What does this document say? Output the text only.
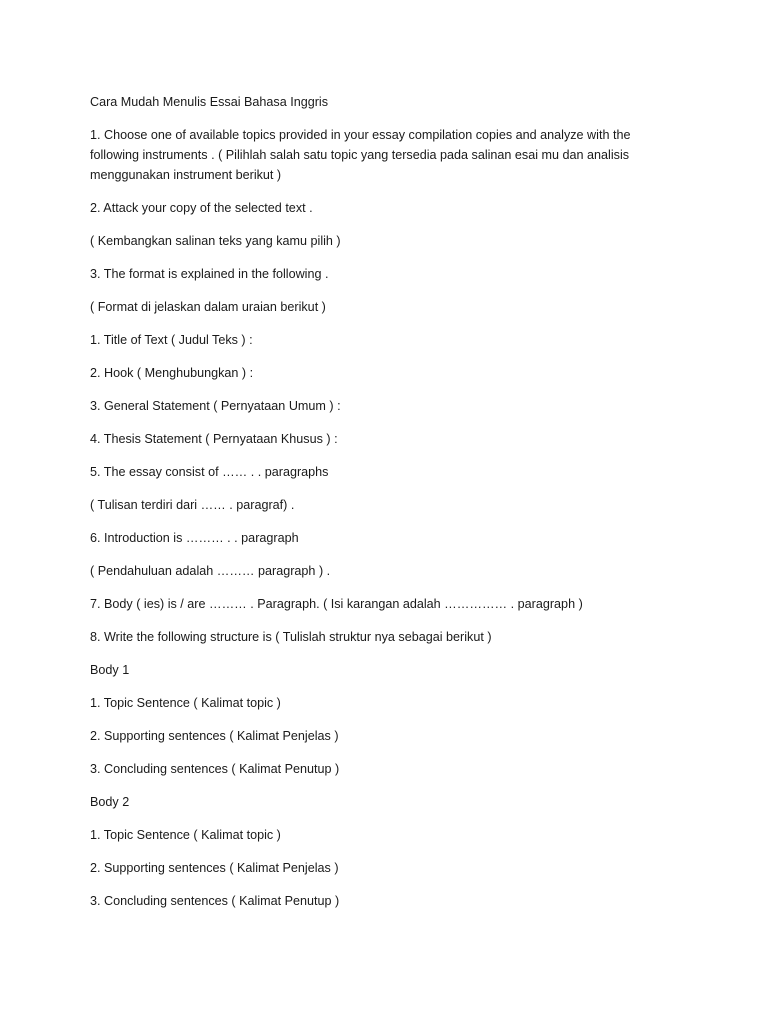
Cara Mudah Menulis Essai Bahasa Inggris

1. Choose one of available topics provided in your essay compilation copies and analyze with the following instruments . ( Pilihlah salah satu topic yang tersedia pada salinan esai mu dan analisis menggunakan instrument berikut )

2. Attack your copy of the selected text .

( Kembangkan salinan teks yang kamu pilih )

3. The format is explained in the following .

( Format di jelaskan dalam uraian berikut )

1. Title of Text ( Judul Teks ) :

2. Hook ( Menghubungkan ) :

3. General Statement ( Pernyataan Umum ) :

4. Thesis Statement ( Pernyataan Khusus ) :

5. The essay consist of …… . . paragraphs

( Tulisan terdiri dari …… . paragraf) .

6. Introduction is ……… . . paragraph

( Pendahuluan adalah ……… paragraph ) .

7. Body ( ies) is / are ……… . Paragraph. ( Isi karangan adalah …………… . paragraph )

8. Write the following structure is ( Tulislah struktur nya sebagai berikut )

Body 1

1. Topic Sentence ( Kalimat topic )

2. Supporting sentences ( Kalimat Penjelas )

3. Concluding sentences ( Kalimat Penutup )

Body 2

1. Topic Sentence ( Kalimat topic )

2. Supporting sentences ( Kalimat Penjelas )

3. Concluding sentences ( Kalimat Penutup )
